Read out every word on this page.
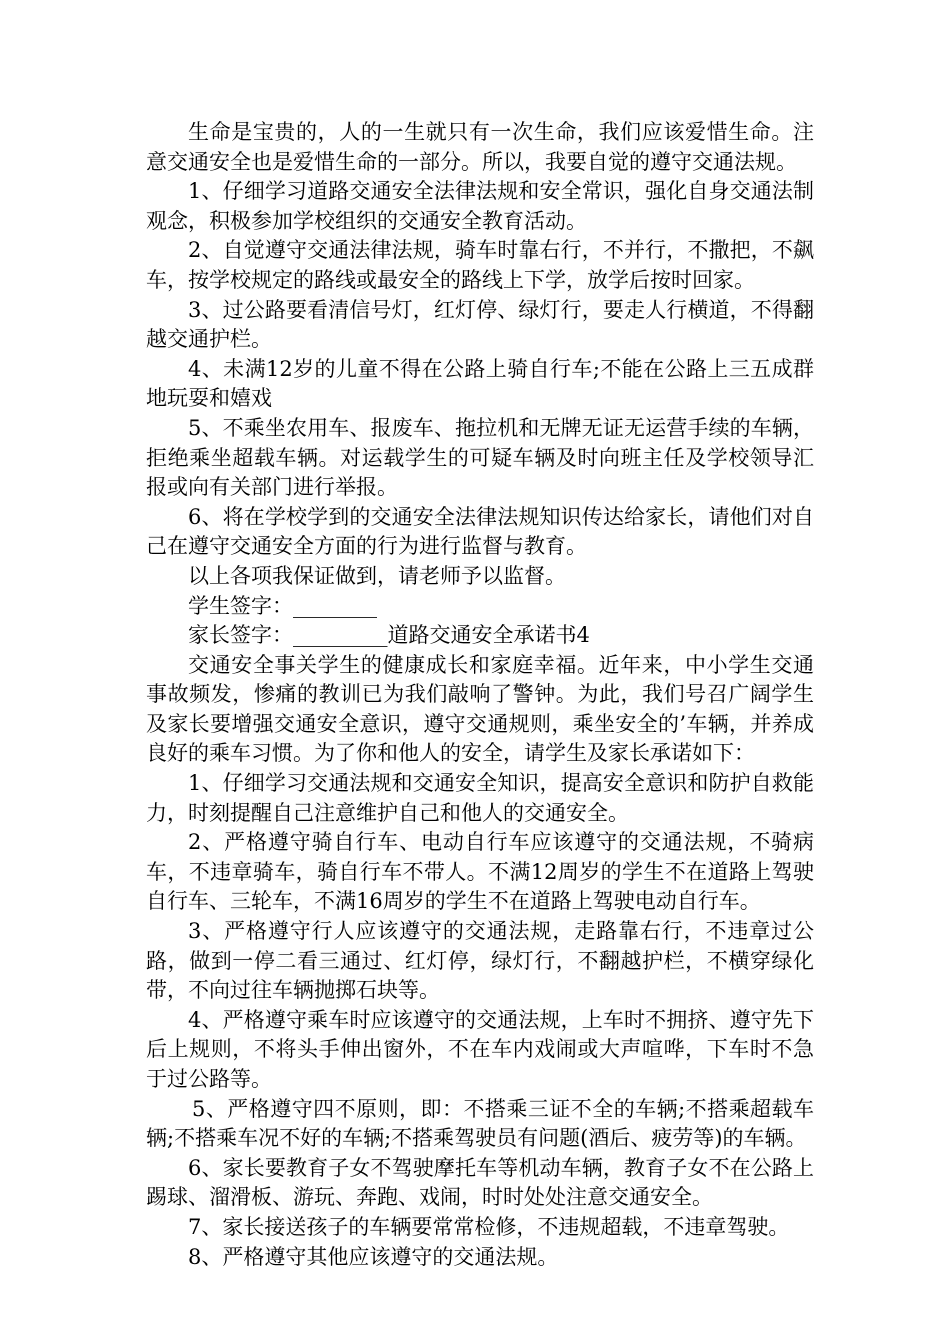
生命是宝贵的，人的一生就只有一次生命，我们应该爱惜生命。注意交通安全也是爱惜生命的一部分。所以，我要自觉的遵守交通法规。

1、仔细学习道路交通安全法律法规和安全常识，强化自身交通法制观念，积极参加学校组织的交通安全教育活动。

2、自觉遵守交通法律法规，骑车时靠右行，不并行，不撒把，不飙车，按学校规定的路线或最安全的路线上下学，放学后按时回家。

3、过公路要看清信号灯，红灯停、绿灯行，要走人行横道，不得翻越交通护栏。

4、未满12岁的儿童不得在公路上骑自行车;不能在公路上三五成群地玩耍和嬉戏

5、不乘坐农用车、报废车、拖拉机和无牌无证无运营手续的车辆，拒绝乘坐超载车辆。对运载学生的可疑车辆及时向班主任及学校领导汇报或向有关部门进行举报。

6、将在学校学到的交通安全法律法规知识传达给家长，请他们对自己在遵守交通安全方面的行为进行监督与教育。

以上各项我保证做到，请老师予以监督。

学生签字：________

家长签字：_________道路交通安全承诺书4

交通安全事关学生的健康成长和家庭幸福。近年来，中小学生交通事故频发，惨痛的教训已为我们敲响了警钟。为此，我们号召广阔学生及家长要增强交通安全意识，遵守交通规则，乘坐安全的’车辆，并养成良好的乘车习惯。为了你和他人的安全，请学生及家长承诺如下：

1、仔细学习交通法规和交通安全知识，提高安全意识和防护自救能力，时刻提醒自己注意维护自己和他人的交通安全。

2、严格遵守骑自行车、电动自行车应该遵守的交通法规，不骑病车，不违章骑车，骑自行车不带人。不满12周岁的学生不在道路上驾驶自行车、三轮车，不满16周岁的学生不在道路上驾驶电动自行车。

3、严格遵守行人应该遵守的交通法规，走路靠右行，不违章过公路，做到一停二看三通过、红灯停，绿灯行，不翻越护栏，不横穿绿化带，不向过往车辆抛掷石块等。

4、严格遵守乘车时应该遵守的交通法规，上车时不拥挤、遵守先下后上规则，不将头手伸出窗外，不在车内戏闹或大声喧哗，下车时不急于过公路等。

5、严格遵守四不原则，即：不搭乘三证不全的车辆;不搭乘超载车辆;不搭乘车况不好的车辆;不搭乘驾驶员有问题(酒后、疲劳等)的车辆。

6、家长要教育子女不驾驶摩托车等机动车辆，教育子女不在公路上踢球、溜滑板、游玩、奔跑、戏闹，时时处处注意交通安全。

7、家长接送孩子的车辆要常常检修，不违规超载，不违章驾驶。

8、严格遵守其他应该遵守的交通法规。
